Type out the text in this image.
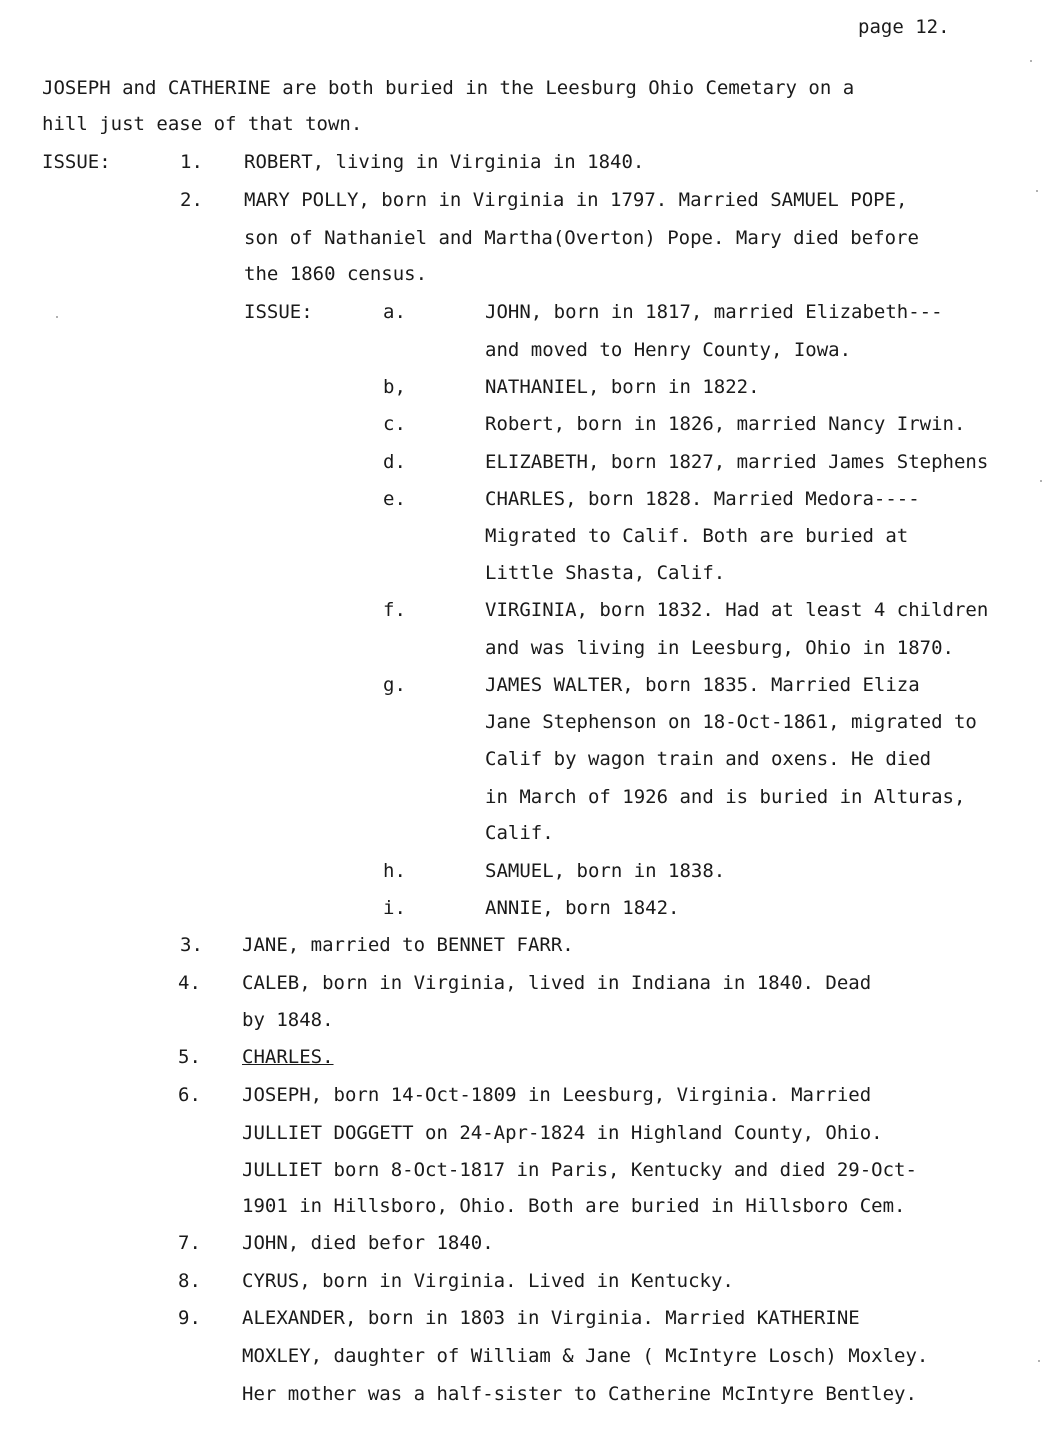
page 12.
JOSEPH and CATHERINE are both buried in the Leesburg Ohio Cemetary on a
hill just ease of that town.
ISSUE:	1. ROBERT, living in Virginia in 1840.
2. MARY POLLY, born in Virginia in 1797. Married SAMUEL POPE,
son of Nathaniel and Martha(Overton) Pope. Mary died before
the 1860 census.
ISSUE:	a.	JOHN, born in 1817, married Elizabeth---
and moved to Henry County, Iowa.
b,	NATHANIEL, born in 1822.
c.	Robert, born in 1826, married Nancy Irwin.
d.	ELIZABETH, born 1827, married James Stephens
e.	CHARLES, born 1828. Married Medora----
Migrated to Calif. Both are buried at
Little Shasta, Calif.
f.	VIRGINIA, born 1832. Had at least 4 children
and was living in Leesburg, Ohio in 1870.
g.	JAMES WALTER, born 1835. Married Eliza
Jane Stephenson on 18-Oct-1861, migrated to
Calif by wagon train and oxens. He died
in March of 1926 and is buried in Alturas,
Calif.
h.	SAMUEL, born in 1838.
i.	ANNIE, born 1842.
3. JANE, married to BENNET FARR.
4. CALEB, born in Virginia, lived in Indiana in 1840. Dead
by 1848.
5. CHARLES.
6. JOSEPH, born 14-Oct-1809 in Leesburg, Virginia. Married
JULLIET DOGGETT on 24-Apr-1824 in Highland County, Ohio.
JULLIET born 8-Oct-1817 in Paris, Kentucky and died 29-Oct-
1901 in Hillsboro, Ohio. Both are buried in Hillsboro Cem.
7. JOHN, died befor 1840.
8. CYRUS, born in Virginia. Lived in Kentucky.
9. ALEXANDER, born in 1803 in Virginia. Married KATHERINE
MOXLEY, daughter of William & Jane ( McIntyre Losch) Moxley.
Her mother was a half-sister to Catherine McIntyre Bentley.
